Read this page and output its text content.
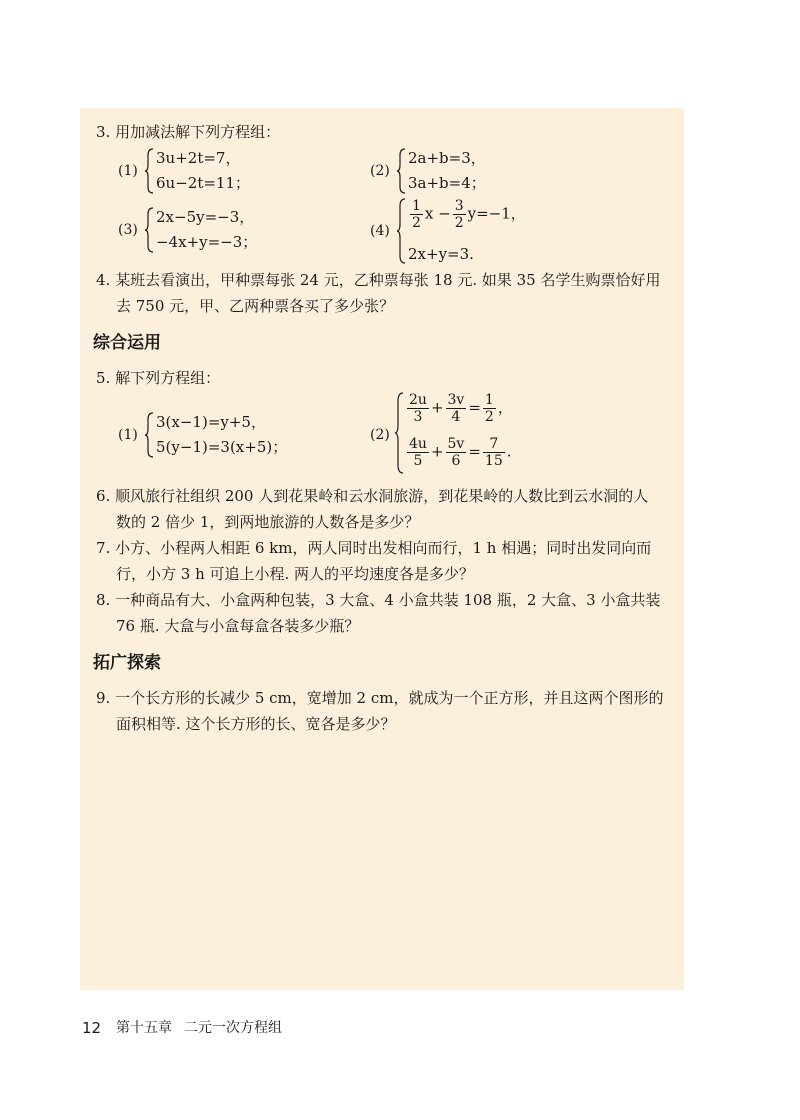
3. 用加减法解下列方程组：
(1)
3u+2t=7，
6u−2t=11；
(2)
2a+b=3，
3a+b=4；
(3)
2x−5y=−3，
−4x+y=−3；
$(4) \frac{1}{2}$ $x - \frac{3}{2} y=-1$，
2x+y=3.
4. 某班去看演出，甲种票每张 24 元，乙种票每张 18 元. 如果 35 名学生购票恰好用
去 750 元，甲、乙两种票各买了多少张？
综合运用
5. 解下列方程组：
(1)
3(x−1)=y+5，
5(y−1)=3(x+5)；
(2)
$\frac{2u}{3} + \frac{3v}{4} = \frac{1}{2}$ ，
$\frac{4u}{5} + \frac{5v}{6} = \frac{7}{15}$ .
6. 顺风旅行社组织 200 人到花果岭和云水洞旅游，到花果岭的人数比到云水洞的人
数的 2 倍少 1，到两地旅游的人数各是多少？
7. 小方、小程两人相距 6 km，两人同时出发相向而行，1 h 相遇；同时出发同向而
行，小方 3 h 可追上小程. 两人的平均速度各是多少？
8. 一种商品有大、小盒两种包装，3 大盒、4 小盒共装 108 瓶，2 大盒、3 小盒共装
76 瓶. 大盒与小盒每盒各装多少瓶？
拓广探索
9. 一个长方形的长减少 5 cm，宽增加 2 cm，就成为一个正方形，并且这两个图形的
面积相等. 这个长方形的长、宽各是多少？
12 第十五章 二元一次方程组
